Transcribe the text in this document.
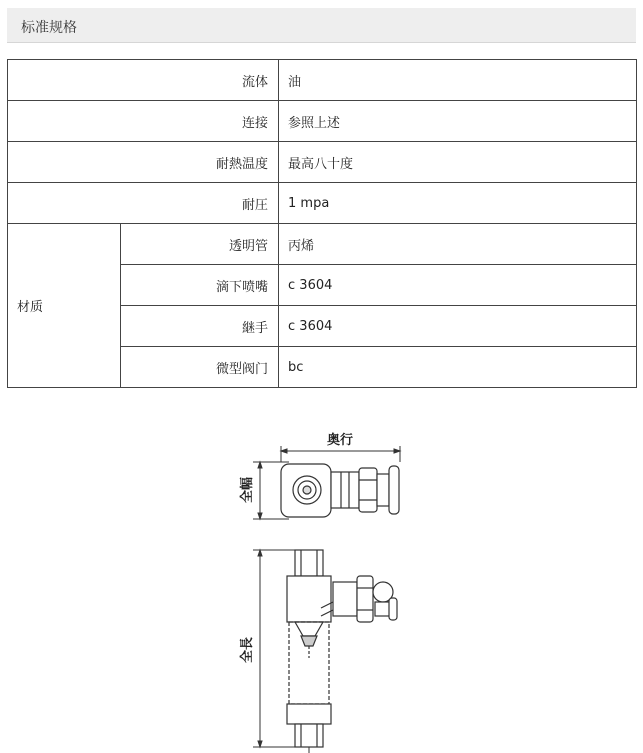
标准规格
流体		油
连接		参照上述
耐熱温度		最高八十度
耐圧		1 mpa
材质	透明管	丙烯
	滴下喷嘴	c 3604
	継手	c 3604
	微型阀门	bc
奥行
全幅
全長
